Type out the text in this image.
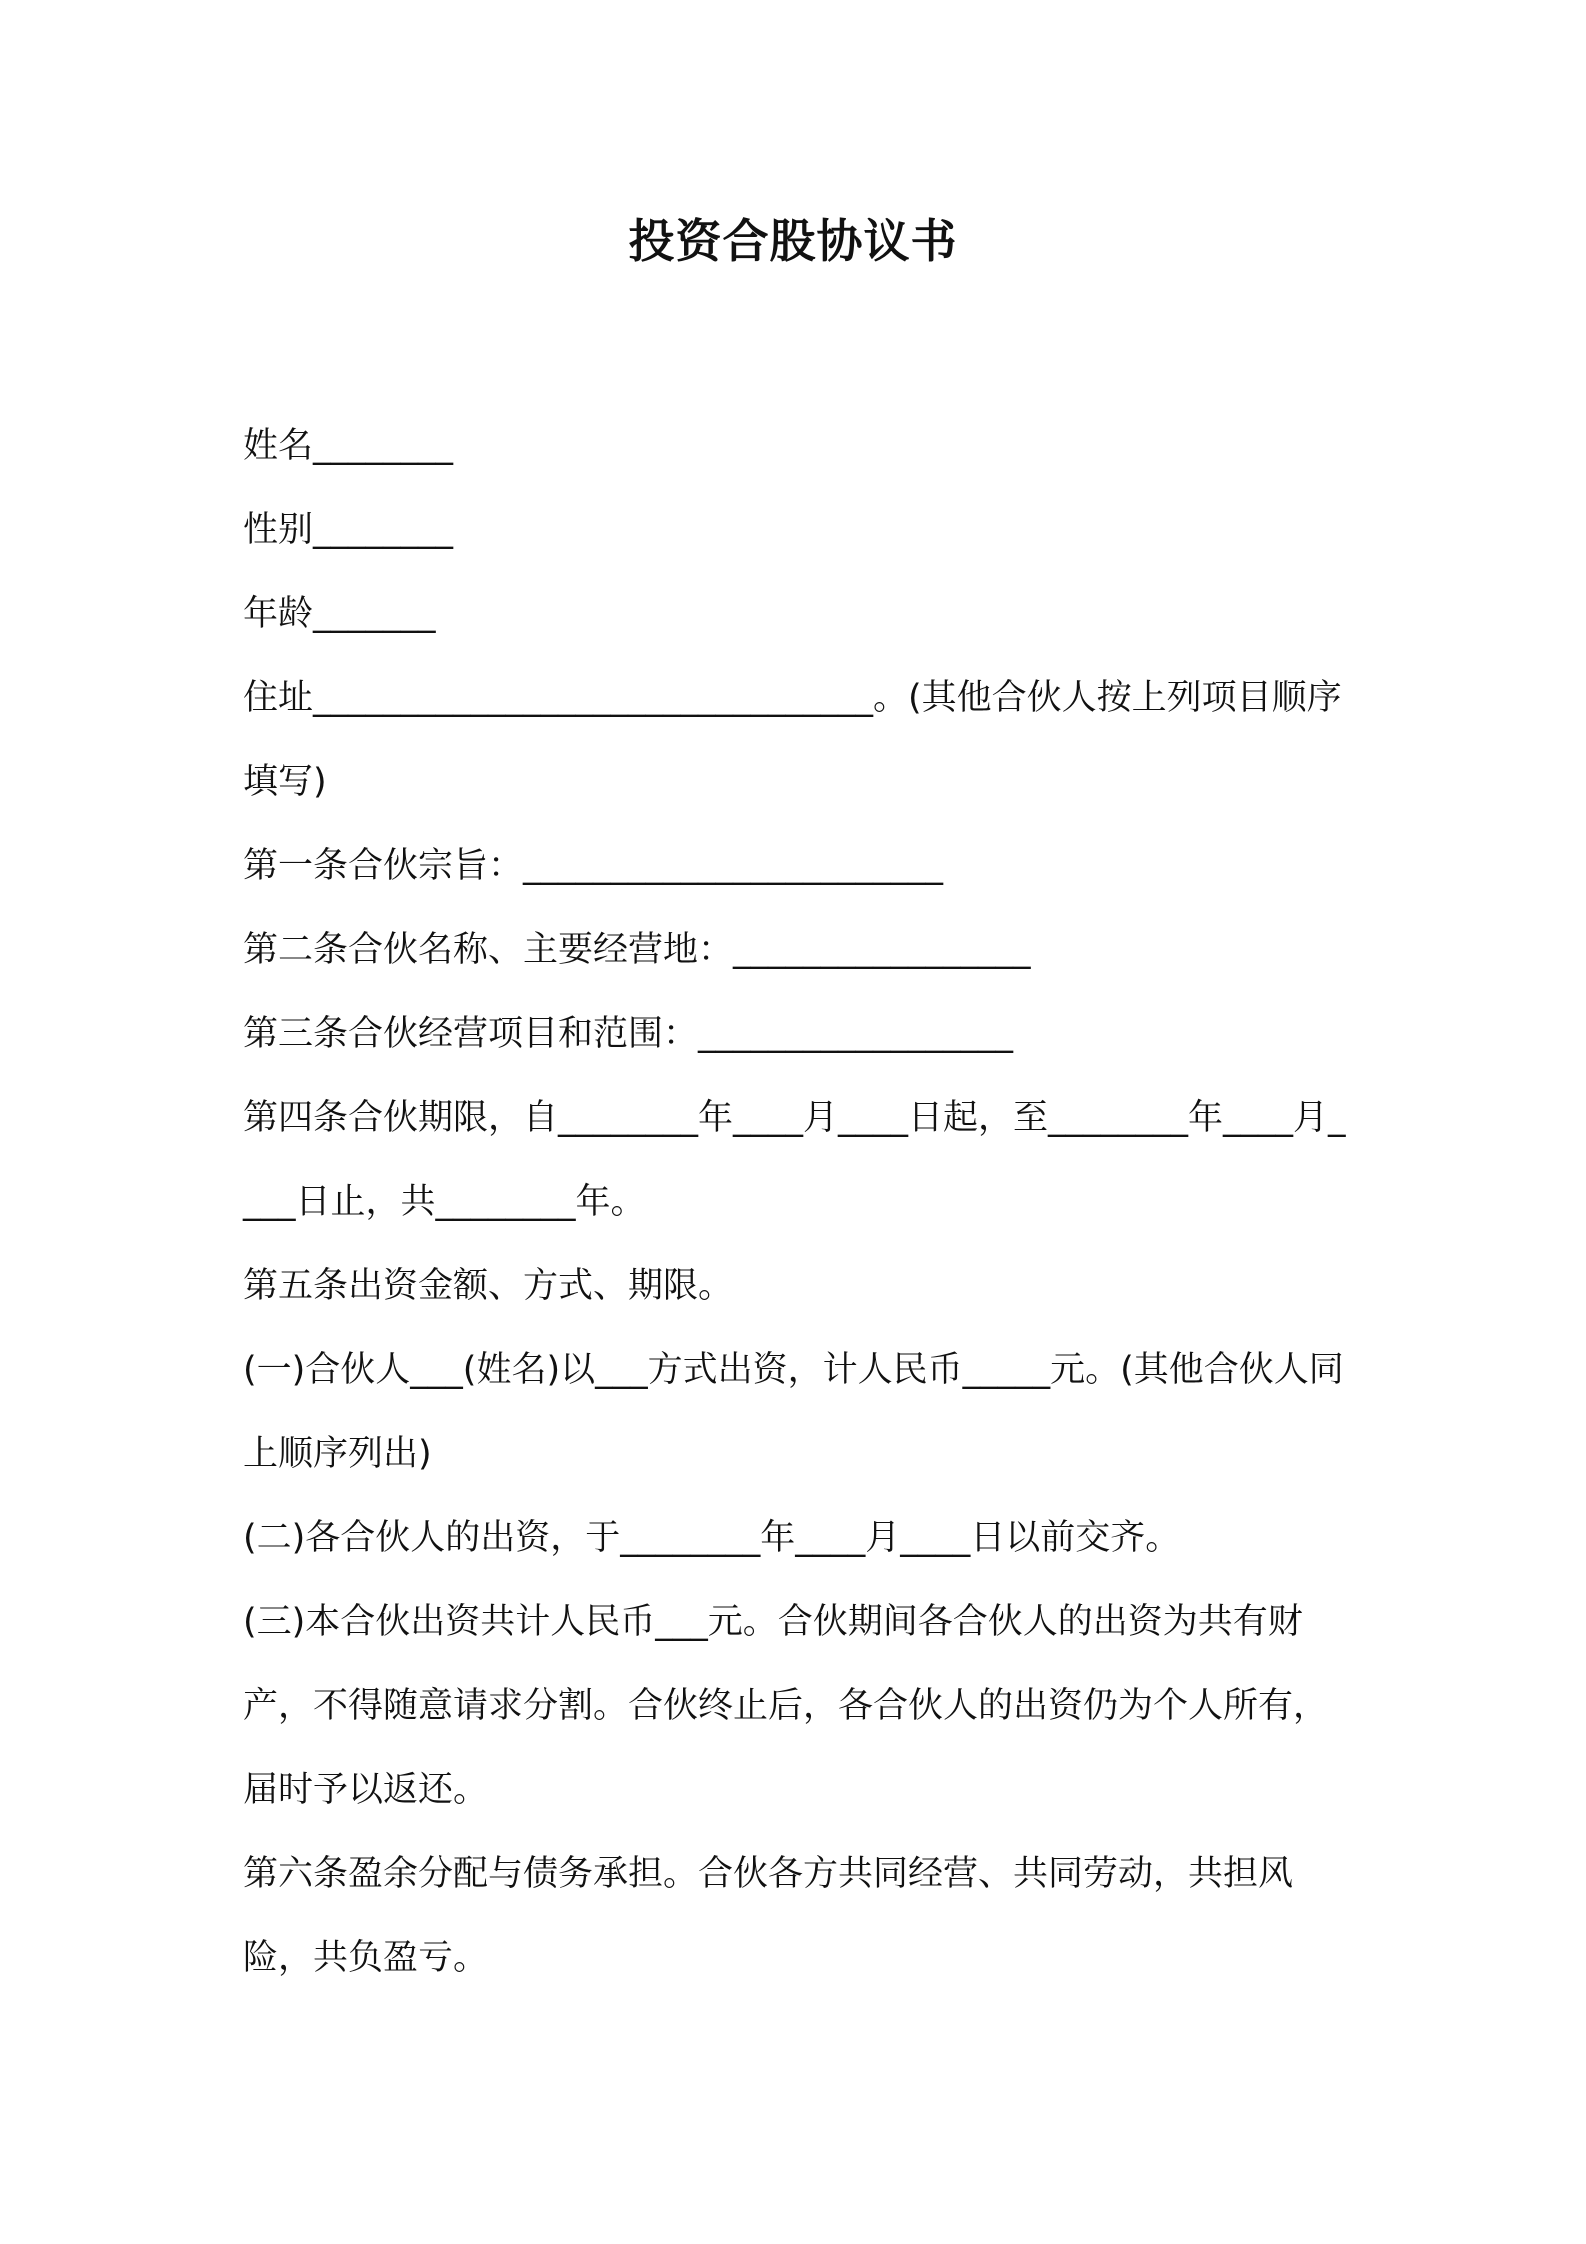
投资合股协议书

姓名________

性别________

年龄_______

住址________________________________。(其他合伙人按上列项目顺序填写)

第一条合伙宗旨：________________________

第二条合伙名称、主要经营地：_________________

第三条合伙经营项目和范围：__________________

第四条合伙期限，自________年____月____日起，至________年____月____日止，共________年。

第五条出资金额、方式、期限。

(一)合伙人___(姓名)以___方式出资，计人民币_____元。(其他合伙人同上顺序列出)

(二)各合伙人的出资，于________年____月____日以前交齐。

(三)本合伙出资共计人民币___元。合伙期间各合伙人的出资为共有财产，不得随意请求分割。合伙终止后，各合伙人的出资仍为个人所有，届时予以返还。

第六条盈余分配与债务承担。合伙各方共同经营、共同劳动，共担风险，共负盈亏。
